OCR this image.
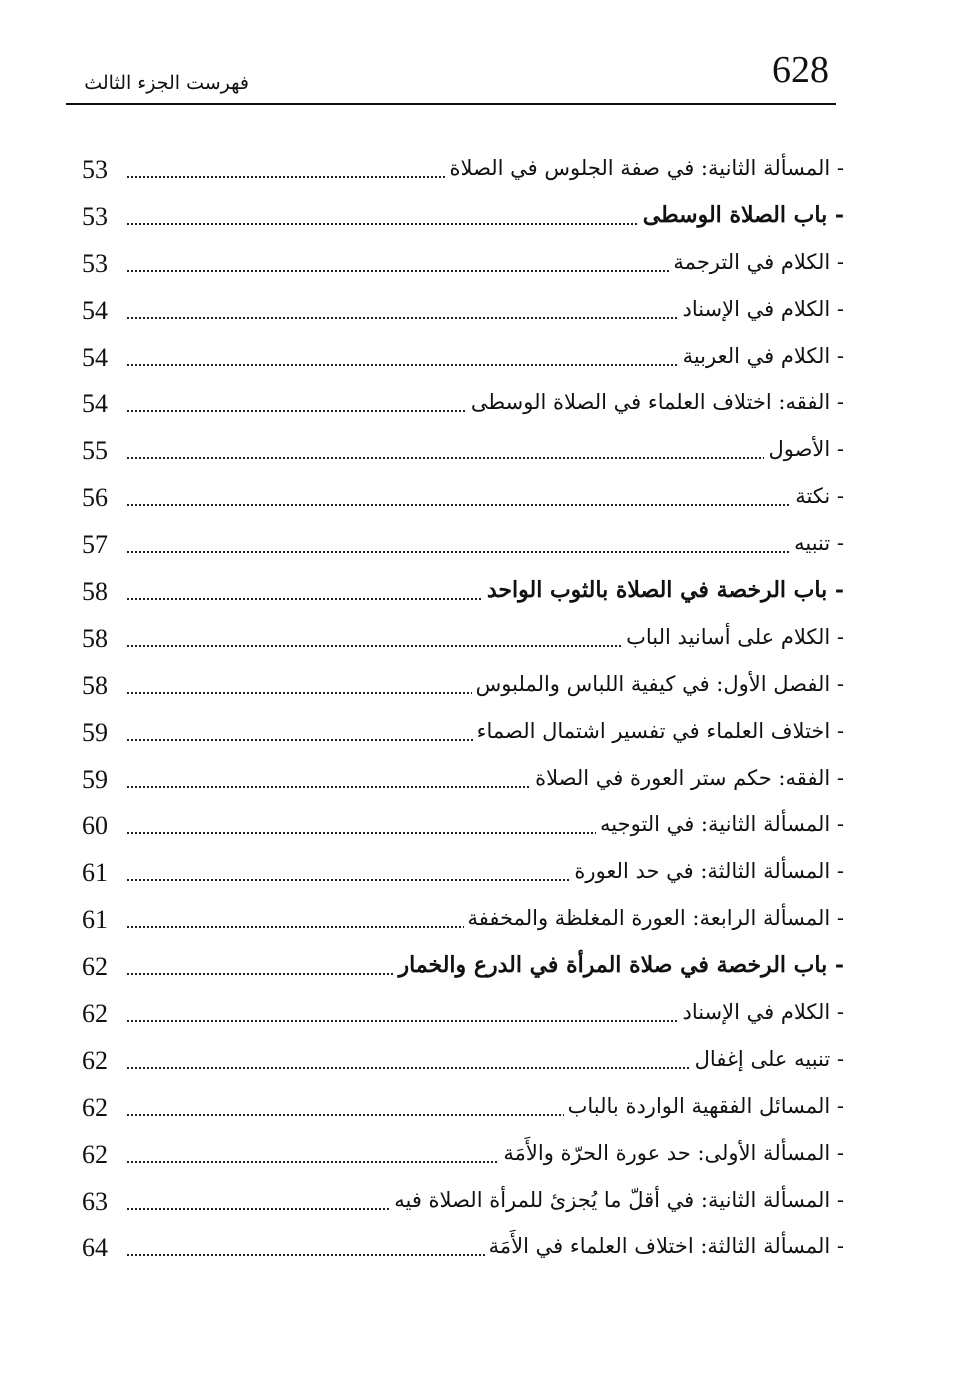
628
فهرست الجزء الثالث
- المسألة الثانية: في صفة الجلوس في الصلاة
53
- باب الصلاة الوسطى
53
- الكلام في الترجمة
53
- الكلام في الإسناد
54
- الكلام في العربية
54
- الفقه: اختلاف العلماء في الصلاة الوسطى
54
- الأصول
55
- نكتة
56
- تنبيه
57
- باب الرخصة في الصلاة بالثوب الواحد
58
- الكلام على أسانيد الباب
58
- الفصل الأول: في كيفية اللباس والملبوس
58
- اختلاف العلماء في تفسير اشتمال الصماء
59
- الفقه: حكم ستر العورة في الصلاة
59
- المسألة الثانية: في التوجيه
60
- المسألة الثالثة: في حد العورة
61
- المسألة الرابعة: العورة المغلظة والمخففة
61
- باب الرخصة في صلاة المرأة في الدرع والخمار
62
- الكلام في الإسناد
62
- تنبيه على إغفال
62
- المسائل الفقهية الواردة بالباب
62
- المسألة الأولى: حد عورة الحرّة والأَمَة
62
- المسألة الثانية: في أقلّ ما يُجزئ للمرأة الصلاة فيه
63
- المسألة الثالثة: اختلاف العلماء في الأَمَة
64
